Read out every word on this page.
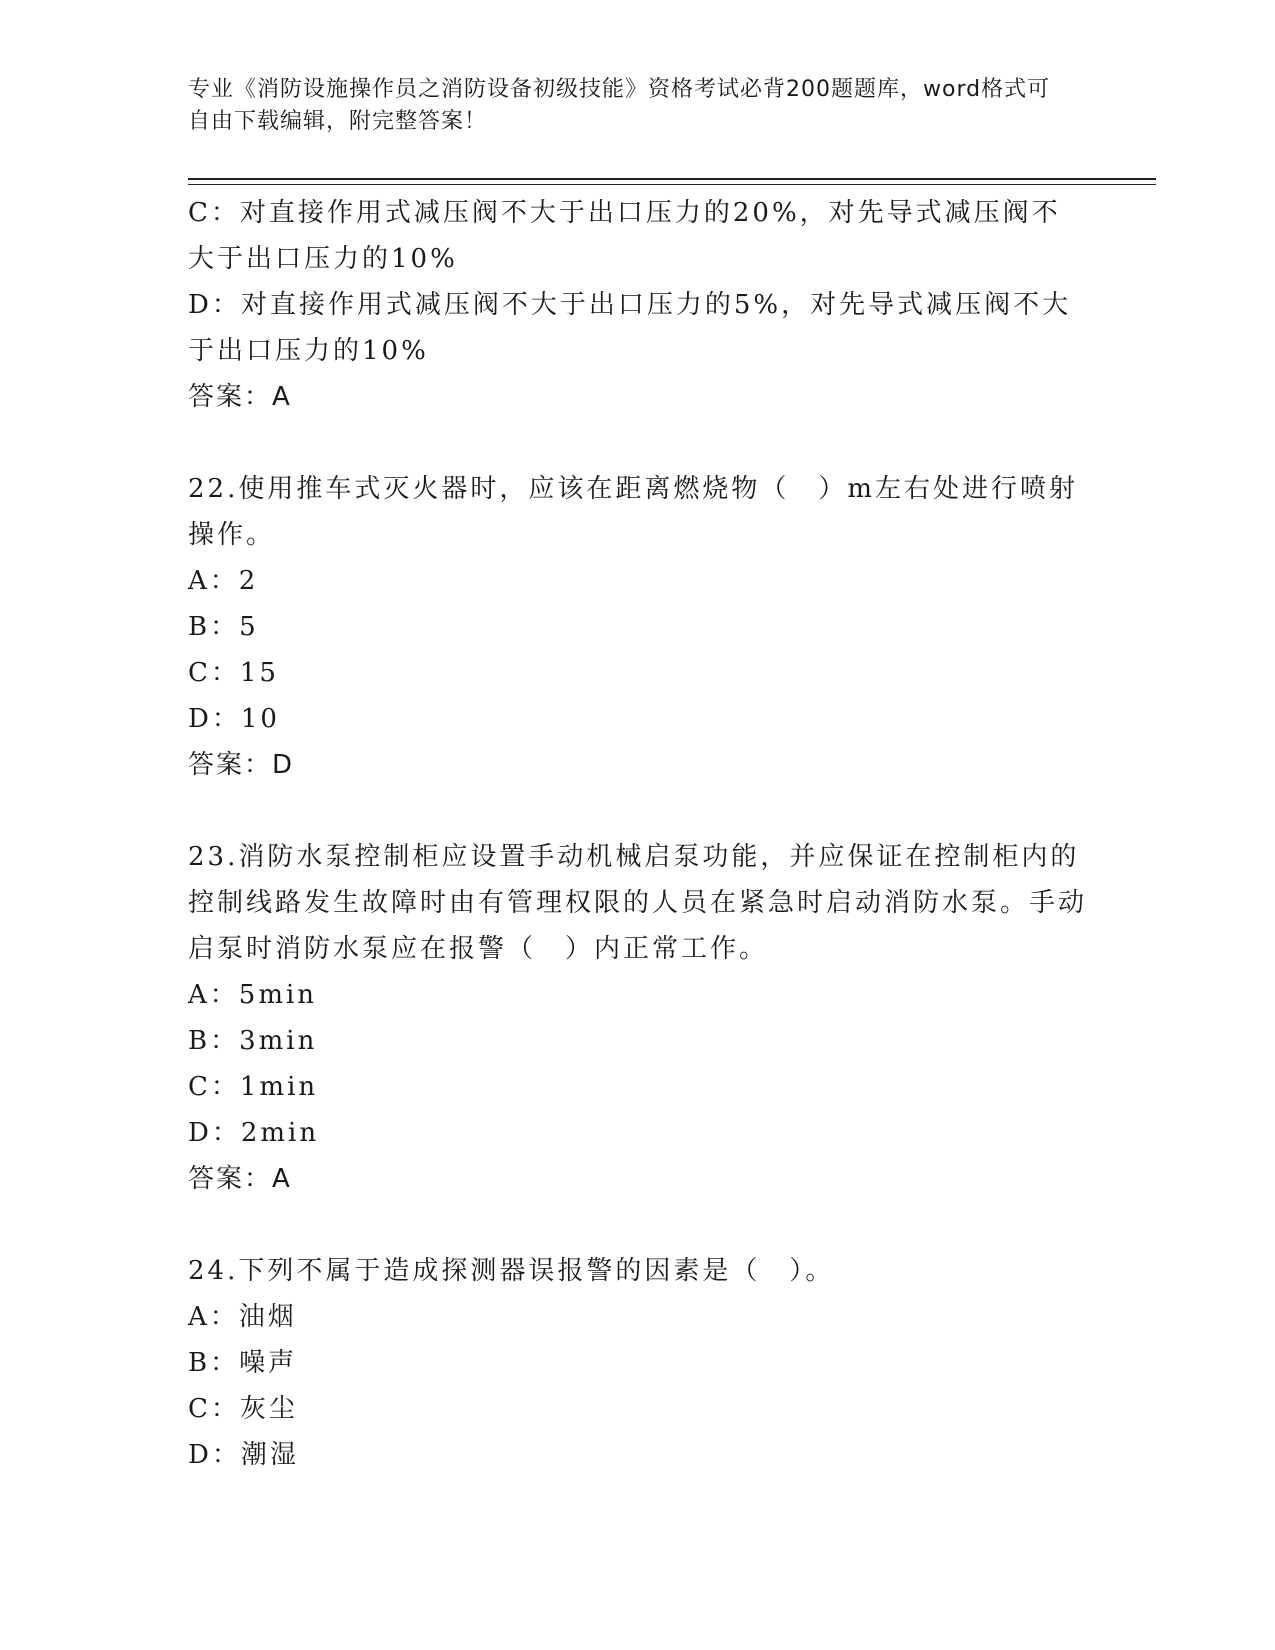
专业《消防设施操作员之消防设备初级技能》资格考试必背200题题库，word格式可自由下载编辑，附完整答案！
C：对直接作用式减压阀不大于出口压力的20%，对先导式减压阀不大于出口压力的10%
D：对直接作用式减压阀不大于出口压力的5%，对先导式减压阀不大于出口压力的10%
答案：A
22.使用推车式灭火器时，应该在距离燃烧物（　）m左右处进行喷射操作。
A：2
B：5
C：15
D：10
答案：D
23.消防水泵控制柜应设置手动机械启泵功能，并应保证在控制柜内的控制线路发生故障时由有管理权限的人员在紧急时启动消防水泵。手动启泵时消防水泵应在报警（　）内正常工作。
A：5min
B：3min
C：1min
D：2min
答案：A
24.下列不属于造成探测器误报警的因素是（　）。
A：油烟
B：噪声
C：灰尘
D：潮湿
